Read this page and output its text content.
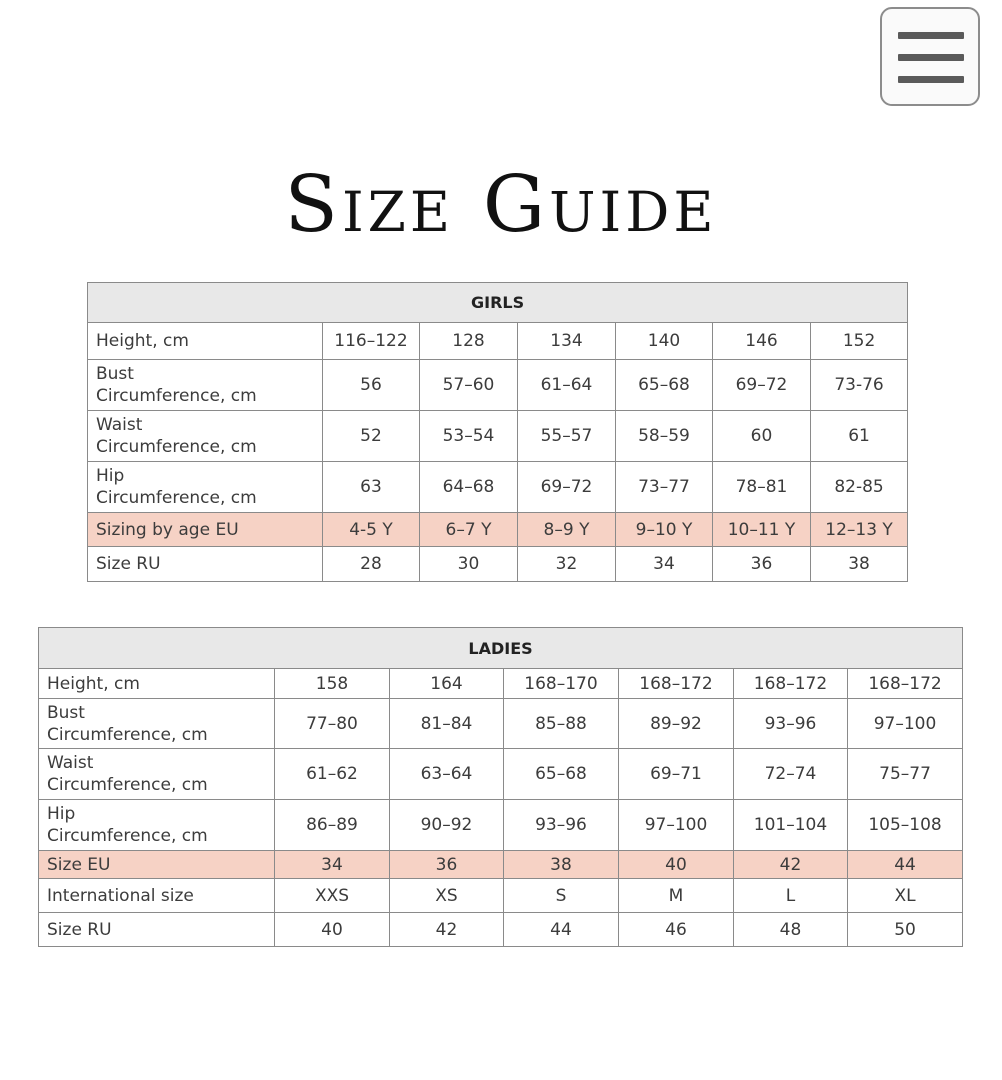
Size Guide
GIRLS						
Height, cm	116–122	128	134	140	146	152
Bust
Circumference, cm	56	57–60	61–64	65–68	69–72	73-76
Waist
Circumference, cm	52	53–54	55–57	58–59	60	61
Hip
Circumference, cm	63	64–68	69–72	73–77	78–81	82-85
Sizing by age EU	4-5 Y	6–7 Y	8–9 Y	9–10 Y	10–11 Y	12–13 Y
Size RU	28	30	32	34	36	38
LADIES						
Height, cm	158	164	168–170	168–172	168–172	168–172
Bust
Circumference, cm	77–80	81–84	85–88	89–92	93–96	97–100
Waist
Circumference, cm	61–62	63–64	65–68	69–71	72–74	75–77
Hip
Circumference, cm	86–89	90–92	93–96	97–100	101–104	105–108
Size EU	34	36	38	40	42	44
International size	XXS	XS	S	M	L	XL
Size RU	40	42	44	46	48	50
